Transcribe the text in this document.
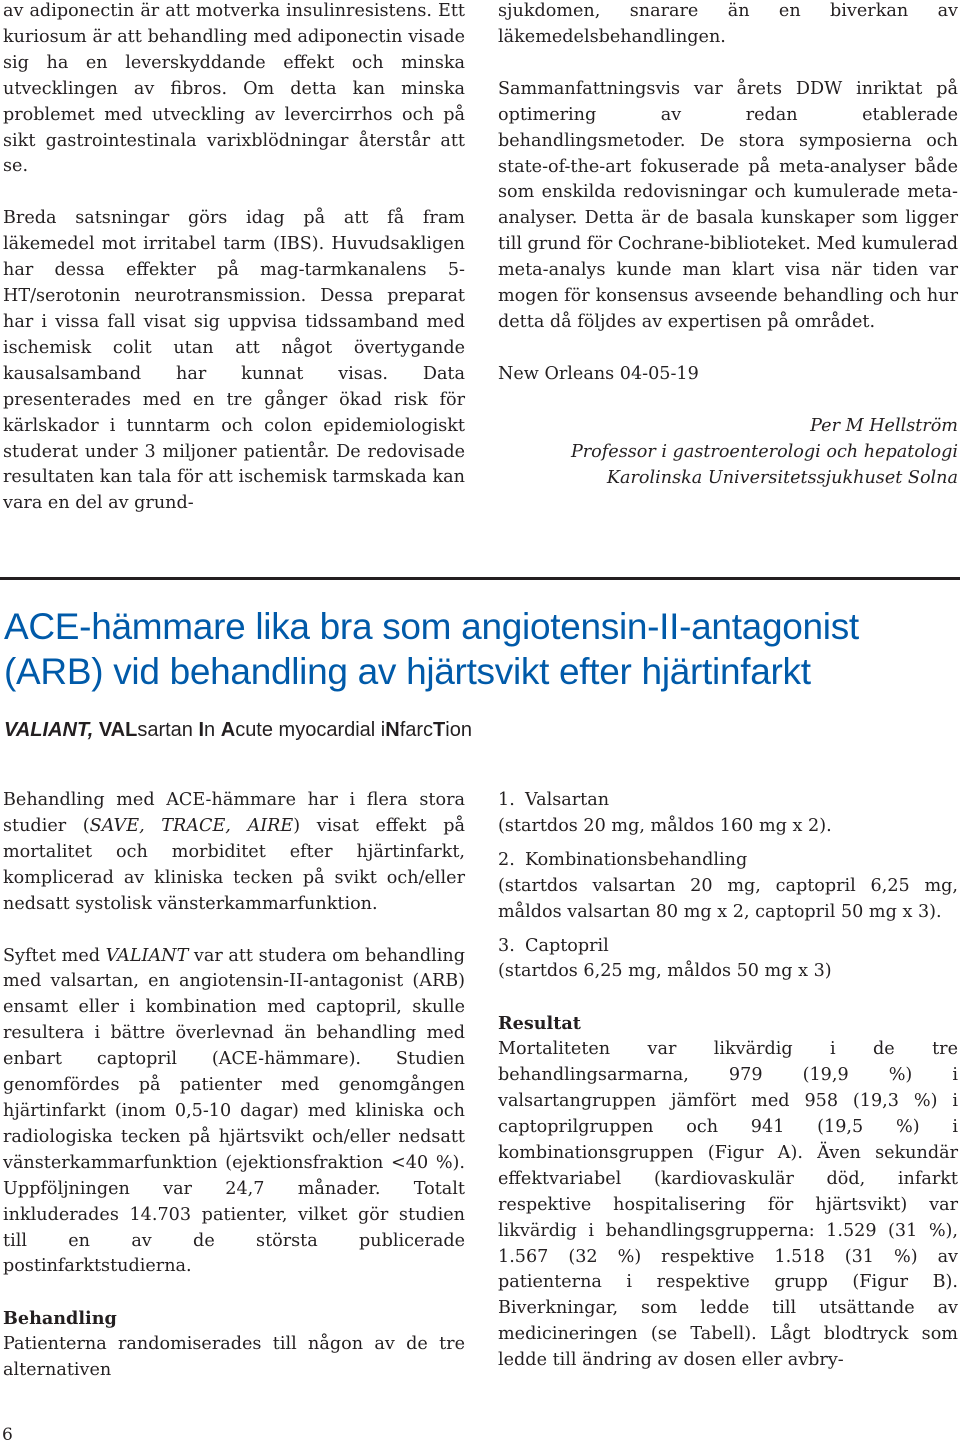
av adiponectin är att motverka insulinresistens. Ett kuriosum är att behandling med adiponectin visade sig ha en leverskyddande effekt och minska utvecklingen av fibros. Om detta kan minska problemet med utveckling av levercirrhos och på sikt gastrointestinala varixblödningar återstår att se.

Breda satsningar görs idag på att få fram läkemedel mot irritabel tarm (IBS). Huvudsakligen har dessa effekter på mag-tarmkanalens 5-HT/serotonin neurotransmission. Dessa preparat har i vissa fall visat sig uppvisa tidssamband med ischemisk colit utan att något övertygande kausalsamband har kunnat visas. Data presenterades med en tre gånger ökad risk för kärlskador i tunntarm och colon epidemiologiskt studerat under 3 miljoner patientår. De redovisade resultaten kan tala för att ischemisk tarmskada kan vara en del av grund-

sjukdomen, snarare än en biverkan av läkemedelsbehandlingen.

Sammanfattningsvis var årets DDW inriktat på optimering av redan etablerade behandlingsmetoder. De stora symposierna och state-of-the-art fokuserade på meta-analyser både som enskilda redovisningar och kumulerade meta-analyser. Detta är de basala kunskaper som ligger till grund för Cochrane-biblioteket. Med kumulerad meta-analys kunde man klart visa när tiden var mogen för konsensus avseende behandling och hur detta då följdes av expertisen på området.

New Orleans 04-05-19

Per M Hellström

Professor i gastroenterologi och hepatologi

Karolinska Universitetssjukhuset Solna

ACE-hämmare lika bra som angiotensin-II-antagonist (ARB) vid behandling av hjärtsvikt efter hjärtinfarkt

VALIANT, VALsartan In Acute myocardial iNfarcTion

Behandling med ACE-hämmare har i flera stora studier (SAVE, TRACE, AIRE) visat effekt på mortalitet och morbiditet efter hjärtinfarkt, komplicerad av kliniska tecken på svikt och/eller nedsatt systolisk vänsterkammarfunktion.

Syftet med VALIANT var att studera om behandling med valsartan, en angiotensin-II-antagonist (ARB) ensamt eller i kombination med captopril, skulle resultera i bättre överlevnad än behandling med enbart captopril (ACE-hämmare). Studien genomfördes på patienter med genomgången hjärtinfarkt (inom 0,5-10 dagar) med kliniska och radiologiska tecken på hjärtsvikt och/eller nedsatt vänsterkammarfunktion (ejektionsfraktion <40 %). Uppföljningen var 24,7 månader. Totalt inkluderades 14.703 patienter, vilket gör studien till en av de största publicerade postinfarktstudierna.

Behandling

Patienterna randomiserades till någon av de tre alternativen

1. Valsartan

(startdos 20 mg, måldos 160 mg x 2).

2. Kombinationsbehandling

(startdos valsartan 20 mg, captopril 6,25 mg, måldos valsartan 80 mg x 2, captopril 50 mg x 3).

3. Captopril

(startdos 6,25 mg, måldos 50 mg x 3)

Resultat

Mortaliteten var likvärdig i de tre behandlingsarmarna, 979 (19,9 %) i valsartangruppen jämfört med 958 (19,3 %) i captoprilgruppen och 941 (19,5 %) i kombinationsgruppen (Figur A). Även sekundär effektvariabel (kardiovaskulär död, infarkt respektive hospitalisering för hjärtsvikt) var likvärdig i behandlingsgrupperna: 1.529 (31 %), 1.567 (32 %) respektive 1.518 (31 %) av patienterna i respektive grupp (Figur B). Biverkningar, som ledde till utsättande av medicineringen (se Tabell). Lågt blodtryck som ledde till ändring av dosen eller avbry-

6
